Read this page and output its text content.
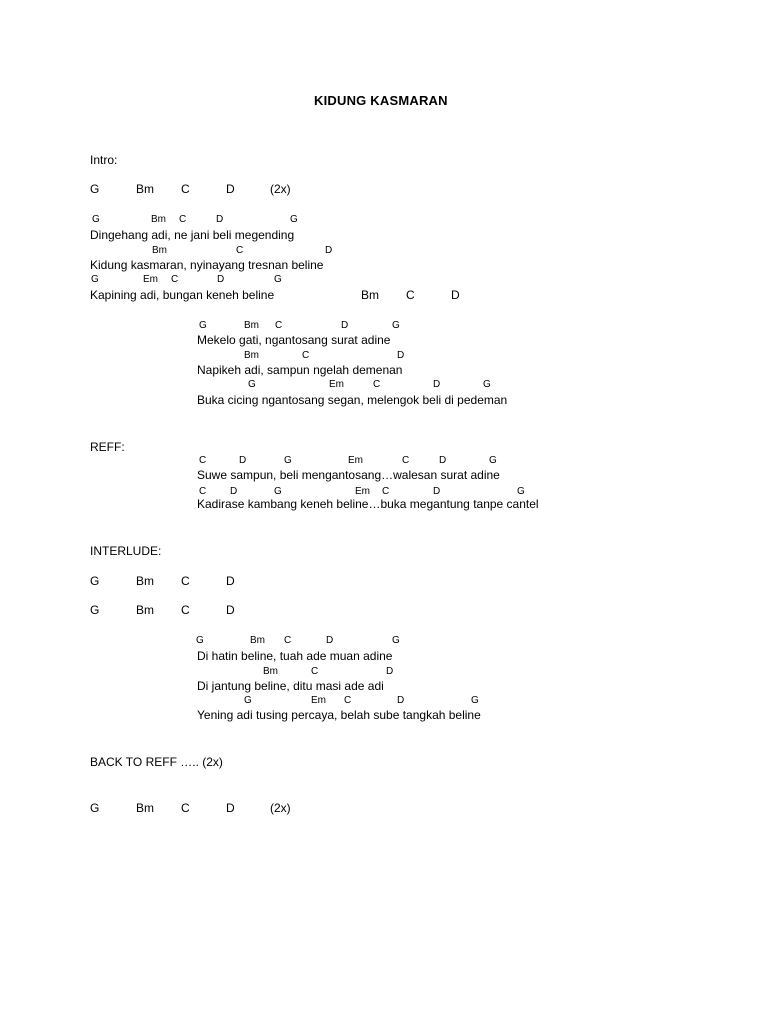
KIDUNG KASMARAN
Intro:
G	Bm C	D	(2x)
G	Bm C	D	G
Dingehang adi, ne jani beli megending
Bm	C	D
Kidung kasmaran, nyinayang tresnan beline
G	Em C	D	G
Kapining adi, bungan keneh beline	Bm C	D
G	Bm C	D	G
Mekelo gati, ngantosang surat adine
Bm	C	D
Napikeh adi, sampun ngelah demenan
G	Em	C	D	G
Buka cicing ngantosang segan, melengok beli di pedeman
REFF:
C	D	G	Em	C	D	G
Suwe sampun, beli mengantosang…walesan surat adine
C D	G	Em C	D	G
Kadirase kambang keneh beline…buka megantung tanpe cantel
INTERLUDE:
G	Bm C	D
G	Bm C	D
G	Bm C	D	G
Di hatin beline, tuah ade muan adine
Bm	C	D
Di jantung beline, ditu masi ade adi
G	Em C	D	G
Yening adi tusing percaya, belah sube tangkah beline
BACK TO REFF ….. (2x)
G	Bm C	D	(2x)
